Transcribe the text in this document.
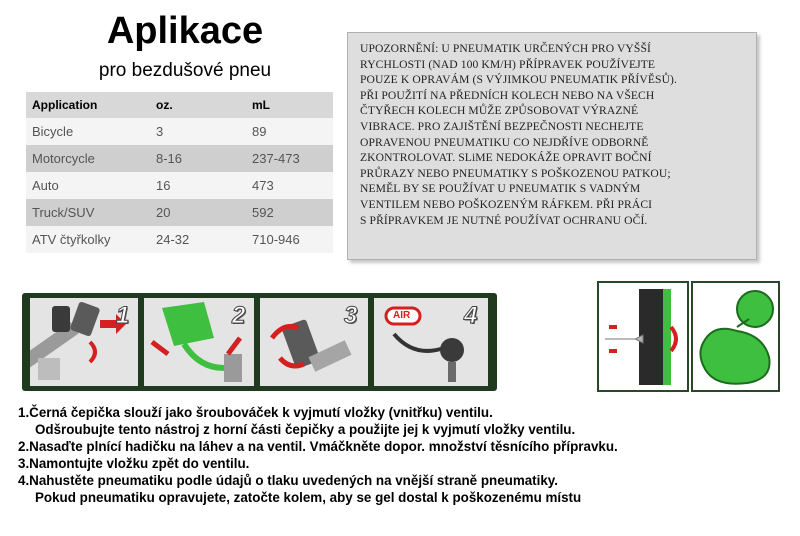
Aplikace
pro bezdušové pneu
Application	oz.	mL
Bicycle	3	89
Motorcycle	8-16	237-473
Auto	16	473
Truck/SUV	20	592
ATV čtyřkolky	24-32	710-946

UPOZORNĚNÍ: U PNEUMATIK URČENÝCH PRO VYŠŠÍ

RYCHLOSTI (NAD 100 KM/H) PŘÍPRAVEK POUŽÍVEJTE

POUZE K OPRAVÁM (S VÝJIMKOU PNEUMATIK PŘÍVĚSŮ).

PŘI POUŽITÍ NA PŘEDNÍCH KOLECH NEBO NA VŠECH

ČTYŘECH KOLECH MŮŽE ZPŮSOBOVAT VÝRAZNÉ

VIBRACE. PRO ZAJIŠTĚNÍ BEZPEČNOSTI NECHEJTE

OPRAVENOU PNEUMATIKU CO NEJDŘÍVE ODBORNĚ

ZKONTROLOVAT. SLiME NEDOKÁŽE OPRAVIT BOČNÍ

PRŮRAZY NEBO PNEUMATIKY S POŠKOZENOU PATKOU;

NEMĚL BY SE POUŽÍVAT U PNEUMATIK S VADNÝM

VENTILEM NEBO POŠKOZENÝM RÁFKEM. PŘI PRÁCI

S PŘÍPRAVKEM JE NUTNÉ POUŽÍVAT OCHRANU OČÍ.

1	2	3	AIR 4
1.Černá čepička slouží jako šroubováček k vyjmutí vložky (vnitřku) ventilu.
Odšroubujte tento nástroj z horní části čepičky a použijte jej k vyjmutí vložky ventilu.
2.Nasaďte plnící hadičku na láhev a na ventil. Vmáčkněte dopor. množství těsnícího přípravku.
3.Namontujte vložku zpět do ventilu.
4.Nahustěte pneumatiku podle údajů o tlaku uvedených na vnější straně pneumatiky.
Pokud pneumatiku opravujete, zatočte kolem, aby se gel dostal k poškozenému místu
